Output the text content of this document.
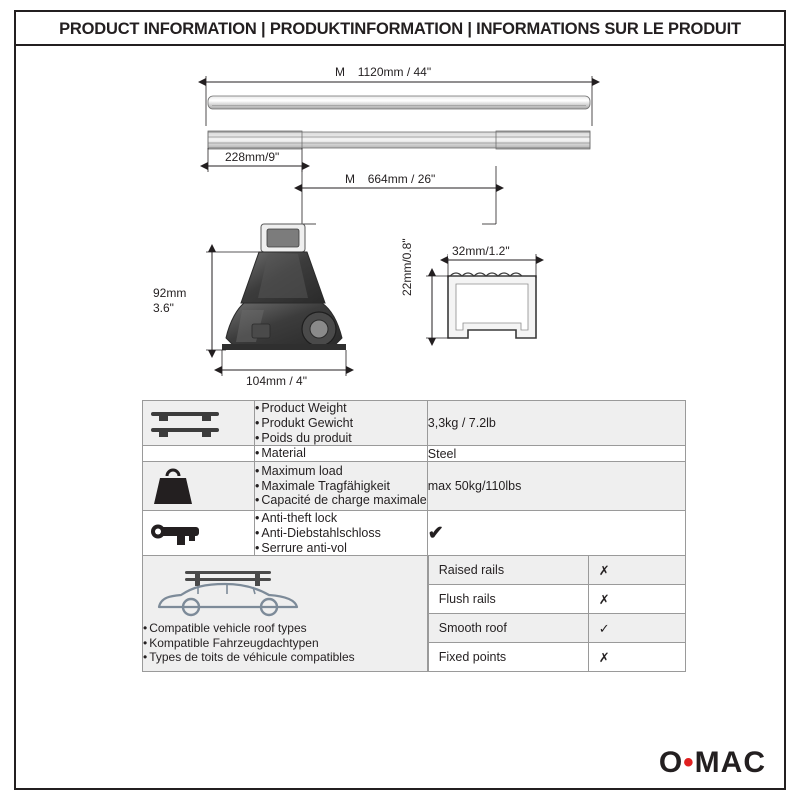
PRODUCT INFORMATION | PRODUKTINFORMATION | INFORMATIONS SUR LE PRODUIT
M 1120mm / 44"
228mm/9"
M 664mm / 26"
92mm
3.6"
104mm / 4"
32mm/1.2"
22mm/0.8"

• Product Weight
• Produkt Gewicht
• Poids du produit
	3,3kg / 7.2lb

• Material	Steel

• Maximum load
• Maximale Tragfähigkeit
• Capacité de charge maximale
	max 50kg/110lbs

• Anti-theft lock
• Anti-Diebstahlschloss
• Serrure anti-vol
	✔

• Compatible vehicle roof types
• Kompatible Fahrzeugdachtypen
• Types de toits de véhicule compatibles

Raised rails	✗
Flush rails	✗
Smooth roof	✓
Fixed points	✗
O•MAC
